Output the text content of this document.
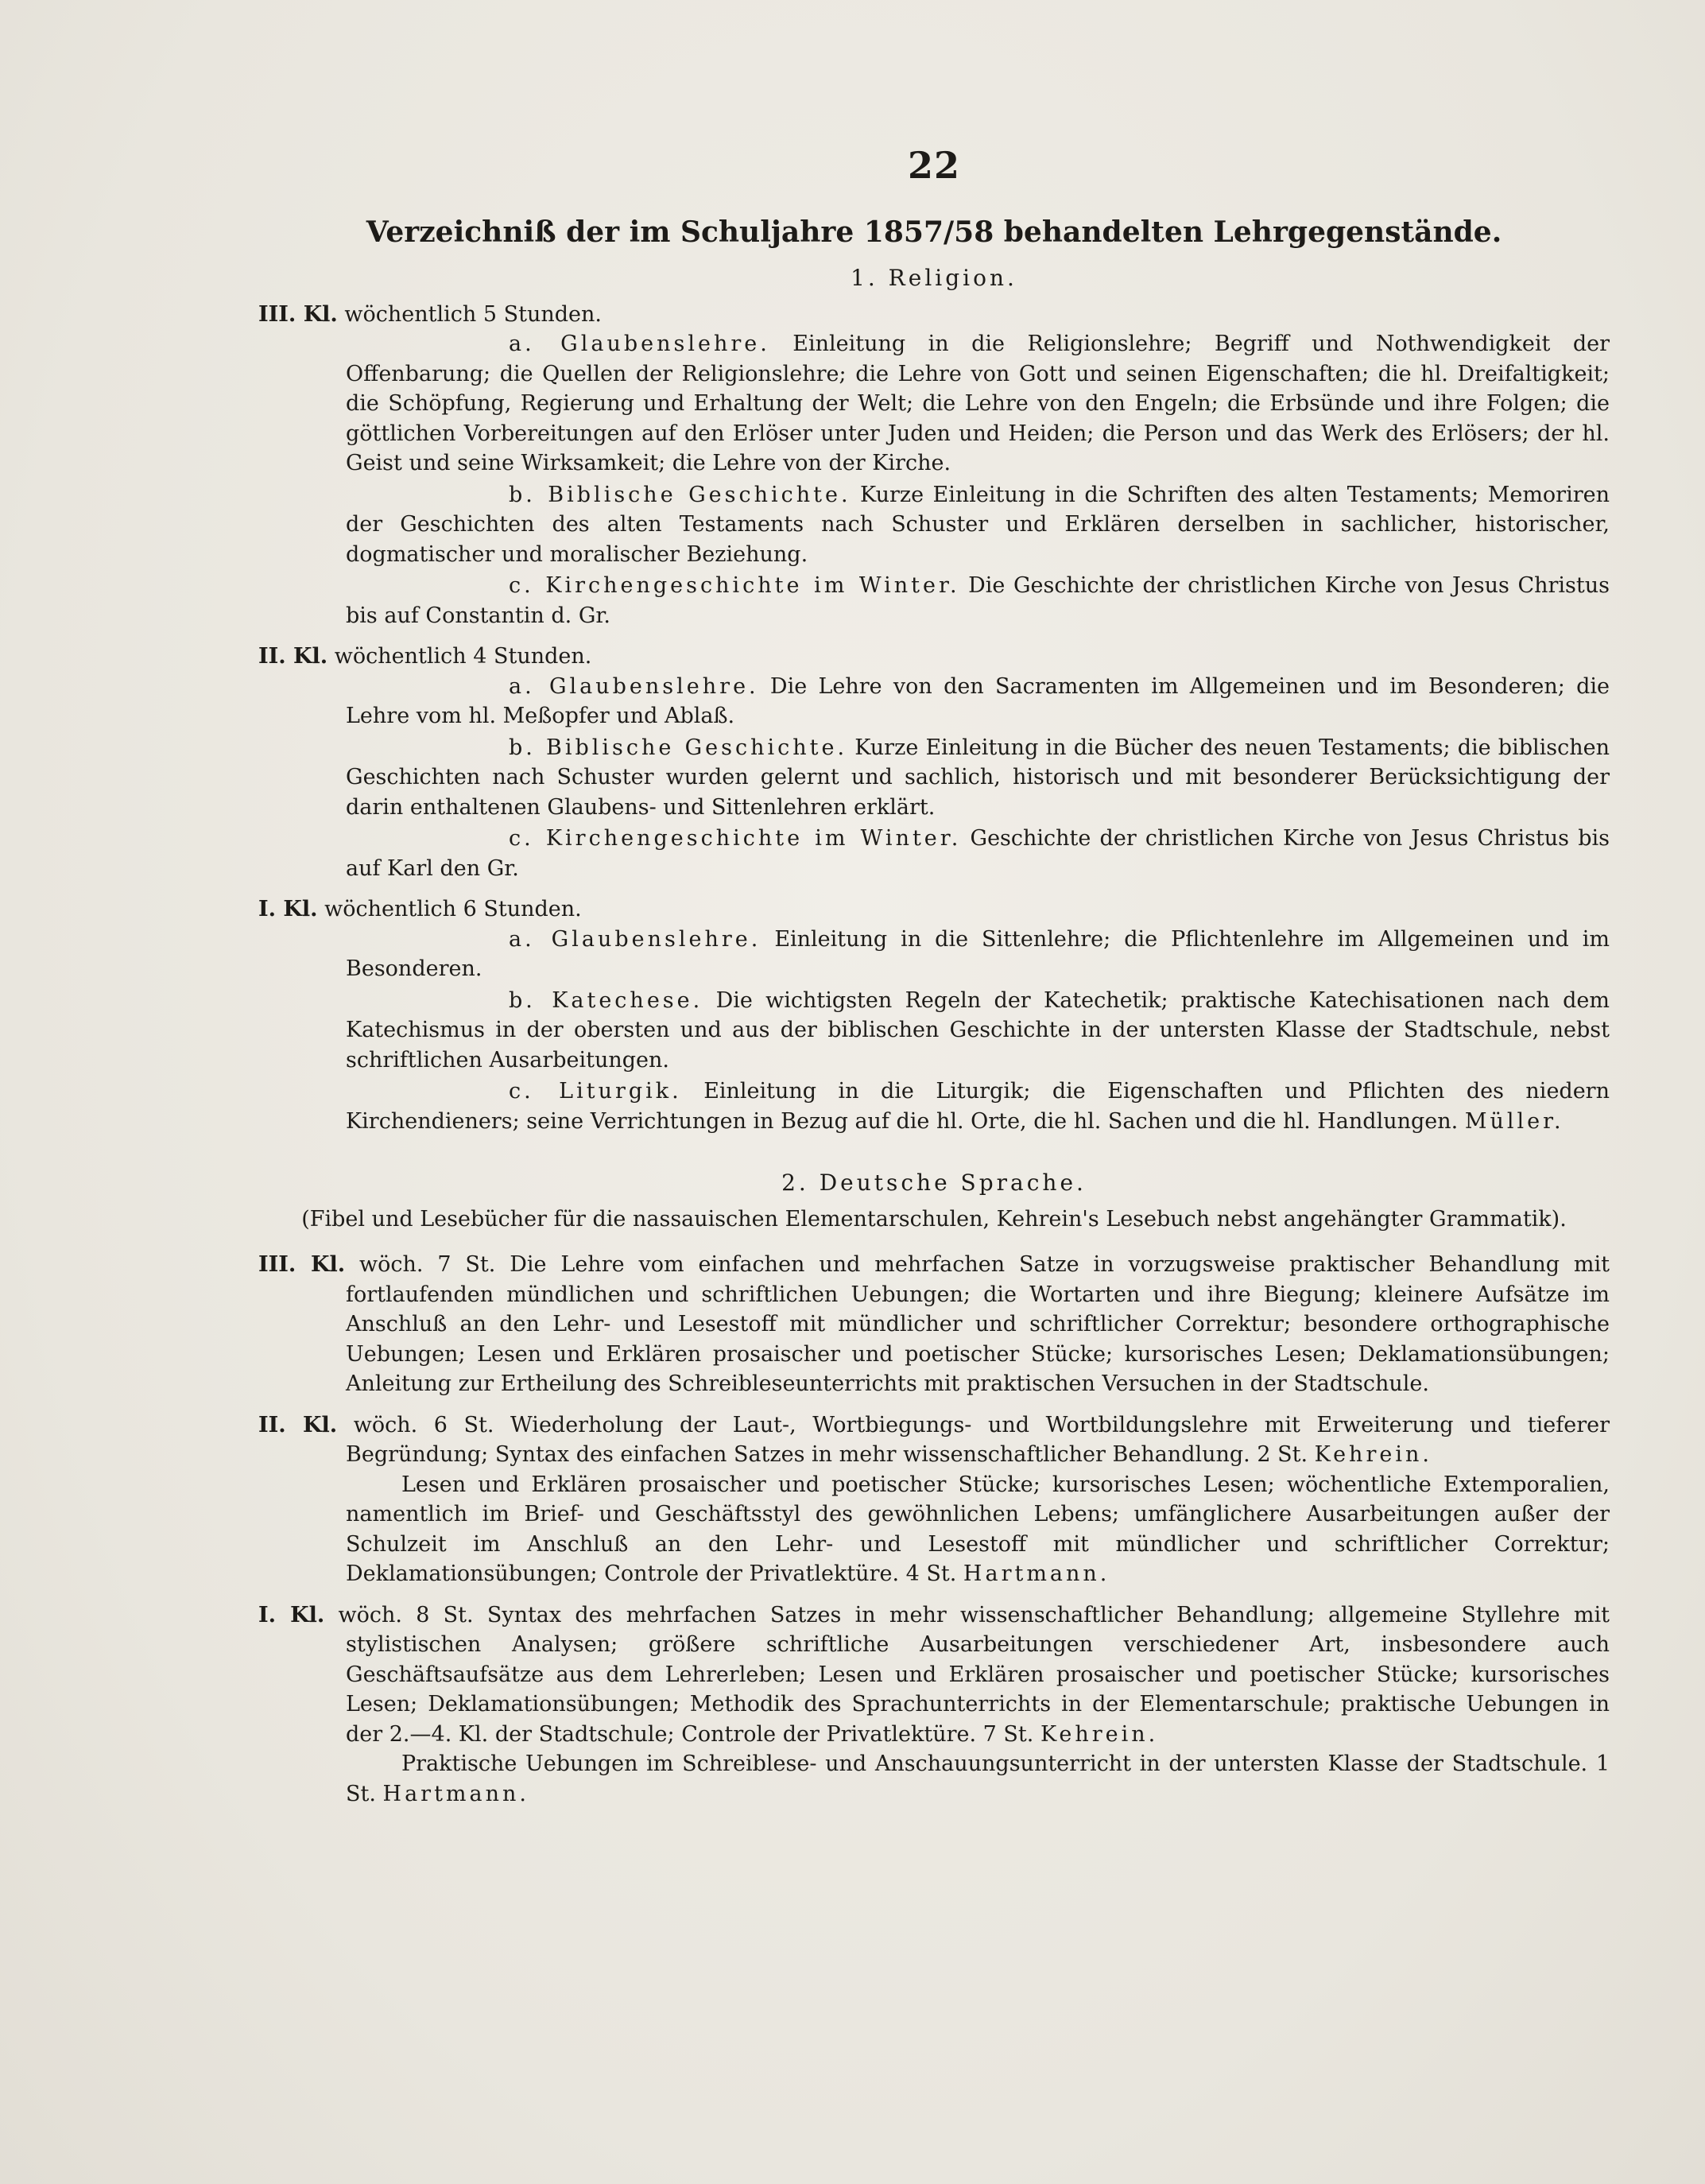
22
Verzeichniß der im Schuljahre 1857/58 behandelten Lehrgegenstände.
1. Religion.

III. Kl. wöchentlich 5 Stunden.

a. Glaubenslehre. Einleitung in die Religionslehre; Begriff und Nothwendigkeit der Offenbarung; die Quellen der Religionslehre; die Lehre von Gott und seinen Eigenschaften; die hl. Dreifaltigkeit; die Schöpfung, Regierung und Erhaltung der Welt; die Lehre von den Engeln; die Erbsünde und ihre Folgen; die göttlichen Vorbereitungen auf den Erlöser unter Juden und Heiden; die Person und das Werk des Erlösers; der hl. Geist und seine Wirksamkeit; die Lehre von der Kirche.

b. Biblische Geschichte. Kurze Einleitung in die Schriften des alten Testaments; Memoriren der Geschichten des alten Testaments nach Schuster und Erklären derselben in sachlicher, historischer, dogmatischer und moralischer Beziehung.

c. Kirchengeschichte im Winter. Die Geschichte der christlichen Kirche von Jesus Christus bis auf Constantin d. Gr.

II. Kl. wöchentlich 4 Stunden.

a. Glaubenslehre. Die Lehre von den Sacramenten im Allgemeinen und im Besonderen; die Lehre vom hl. Meßopfer und Ablaß.

b. Biblische Geschichte. Kurze Einleitung in die Bücher des neuen Testaments; die biblischen Geschichten nach Schuster wurden gelernt und sachlich, historisch und mit besonderer Berücksichtigung der darin enthaltenen Glaubens- und Sittenlehren erklärt.

c. Kirchengeschichte im Winter. Geschichte der christlichen Kirche von Jesus Christus bis auf Karl den Gr.

I. Kl. wöchentlich 6 Stunden.

a. Glaubenslehre. Einleitung in die Sittenlehre; die Pflichtenlehre im Allgemeinen und im Besonderen.

b. Katechese. Die wichtigsten Regeln der Katechetik; praktische Katechisationen nach dem Katechismus in der obersten und aus der biblischen Geschichte in der untersten Klasse der Stadtschule, nebst schriftlichen Ausarbeitungen.

c. Liturgik. Einleitung in die Liturgik; die Eigenschaften und Pflichten des niedern Kirchendieners; seine Verrichtungen in Bezug auf die hl. Orte, die hl. Sachen und die hl. Handlungen. Müller.

2. Deutsche Sprache.
(Fibel und Lesebücher für die nassauischen Elementarschulen, Kehrein's Lesebuch nebst angehängter Grammatik).

III. Kl. wöch. 7 St. Die Lehre vom einfachen und mehrfachen Satze in vorzugsweise praktischer Behandlung mit fortlaufenden mündlichen und schriftlichen Uebungen; die Wortarten und ihre Biegung; kleinere Aufsätze im Anschluß an den Lehr- und Lesestoff mit mündlicher und schriftlicher Correktur; besondere orthographische Uebungen; Lesen und Erklären prosaischer und poetischer Stücke; kursorisches Lesen; Deklamationsübungen; Anleitung zur Ertheilung des Schreibleseunterrichts mit praktischen Versuchen in der Stadtschule.

II. Kl. wöch. 6 St. Wiederholung der Laut-, Wortbiegungs- und Wortbildungslehre mit Erweiterung und tieferer Begründung; Syntax des einfachen Satzes in mehr wissenschaftlicher Behandlung. 2 St. Kehrein.

Lesen und Erklären prosaischer und poetischer Stücke; kursorisches Lesen; wöchentliche Extemporalien, namentlich im Brief- und Geschäftsstyl des gewöhnlichen Lebens; umfänglichere Ausarbeitungen außer der Schulzeit im Anschluß an den Lehr- und Lesestoff mit mündlicher und schriftlicher Correktur; Deklamationsübungen; Controle der Privatlektüre. 4 St. Hartmann.

I. Kl. wöch. 8 St. Syntax des mehrfachen Satzes in mehr wissenschaftlicher Behandlung; allgemeine Styllehre mit stylistischen Analysen; größere schriftliche Ausarbeitungen verschiedener Art, insbesondere auch Geschäftsaufsätze aus dem Lehrerleben; Lesen und Erklären prosaischer und poetischer Stücke; kursorisches Lesen; Deklamationsübungen; Methodik des Sprachunterrichts in der Elementarschule; praktische Uebungen in der 2.—4. Kl. der Stadtschule; Controle der Privatlektüre. 7 St. Kehrein.

Praktische Uebungen im Schreiblese- und Anschauungsunterricht in der untersten Klasse der Stadtschule. 1 St. Hartmann.
